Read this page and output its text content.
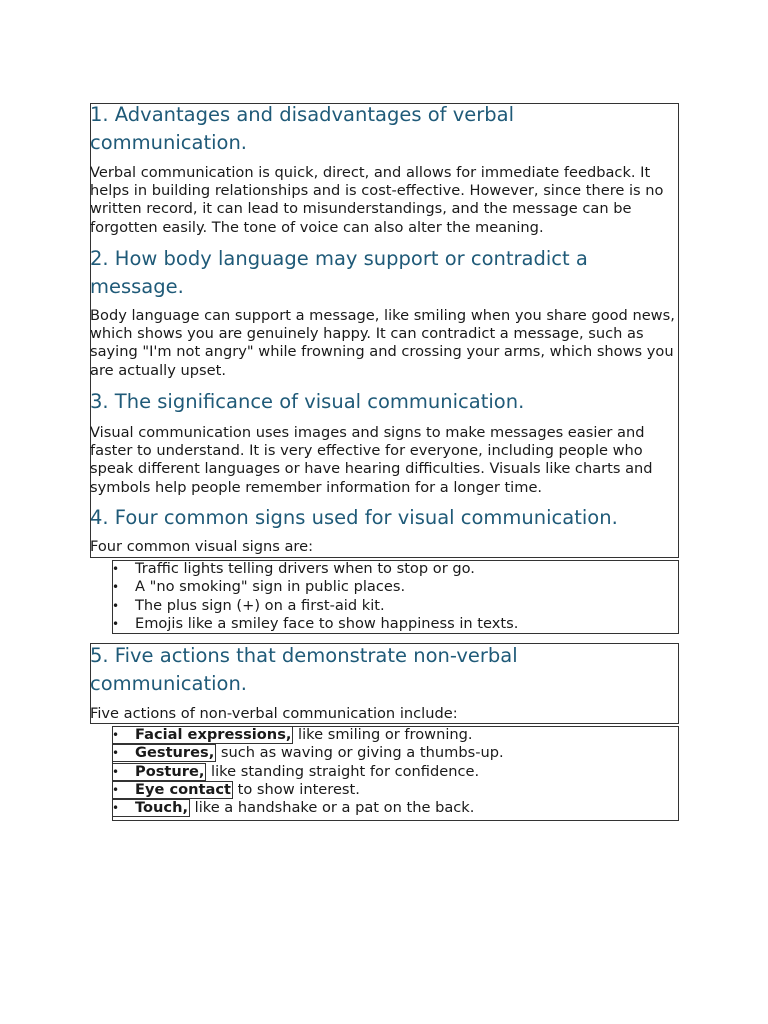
1. Advantages and disadvantages of verbal communication.

Verbal communication is quick, direct, and allows for immediate feedback. It helps in building relationships and is cost-effective. However, since there is no written record, it can lead to misunderstandings, and the message can be forgotten easily. The tone of voice can also alter the meaning.

2. How body language may support or contradict a message.

Body language can support a message, like smiling when you share good news, which shows you are genuinely happy. It can contradict a message, such as saying "I'm not angry" while frowning and crossing your arms, which shows you are actually upset.

3. The significance of visual communication.

Visual communication uses images and signs to make messages easier and faster to understand. It is very effective for everyone, including people who speak different languages or have hearing difficulties. Visuals like charts and symbols help people remember information for a longer time.

4. Four common signs used for visual communication.

Four common visual signs are:

• Traffic lights telling drivers when to stop or go.
• A "no smoking" sign in public places.
• The plus sign (+) on a first-aid kit.
• Emojis like a smiley face to show happiness in texts.
5. Five actions that demonstrate non-verbal communication.

Five actions of non-verbal communication include:

• Facial expressions, like smiling or frowning.
• Gestures, such as waving or giving a thumbs-up.
• Posture, like standing straight for confidence.
• Eye contact to show interest.
• Touch, like a handshake or a pat on the back.
